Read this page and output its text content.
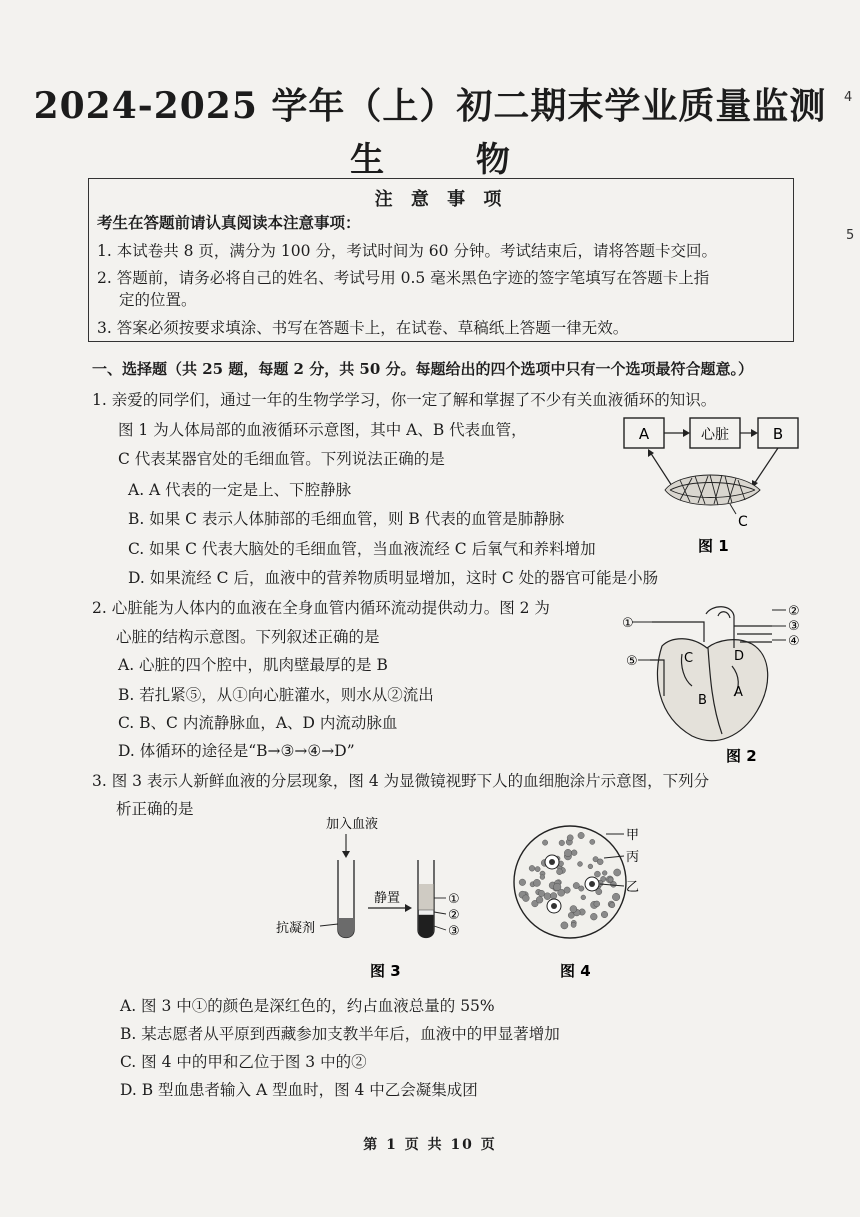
2024-2025 学年（上）初二期末学业质量监测
生 物
4
5
注 意 事 项
考生在答题前请认真阅读本注意事项：
1. 本试卷共 8 页，满分为 100 分，考试时间为 60 分钟。考试结束后，请将答题卡交回。
2. 答题前，请务必将自己的姓名、考试号用 0.5 毫米黑色字迹的签字笔填写在答题卡上指
定的位置。
3. 答案必须按要求填涂、书写在答题卡上，在试卷、草稿纸上答题一律无效。
一、选择题（共 25 题，每题 2 分，共 50 分。每题给出的四个选项中只有一个选项最符合题意。）
1. 亲爱的同学们，通过一年的生物学学习，你一定了解和掌握了不少有关血液循环的知识。
图 1 为人体局部的血液循环示意图，其中 A、B 代表血管，
C 代表某器官处的毛细血管。下列说法正确的是
A. A 代表的一定是上、下腔静脉
B. 如果 C 表示人体肺部的毛细血管，则 B 代表的血管是肺静脉
C. 如果 C 代表大脑处的毛细血管，当血液流经 C 后氧气和养料增加
D. 如果流经 C 后，血液中的营养物质明显增加，这时 C 处的器官可能是小肠
A	心脏	B
C
图 1
2. 心脏能为人体内的血液在全身血管内循环流动提供动力。图 2 为
心脏的结构示意图。下列叙述正确的是
A. 心脏的四个腔中，肌肉壁最厚的是 B
B. 若扎紧⑤，从①向心脏灌水，则水从②流出
C. B、C 内流静脉血，A、D 内流动脉血
D. 体循环的途径是“B→③→④→D”
①
②
③
④
⑤	C	D
B
A
图 2
3. 图 3 表示人新鲜血液的分层现象，图 4 为显微镜视野下人的血细胞涂片示意图，下列分
析正确的是
加入血液
抗凝剂
静置	①
②
③
图 3
甲
丙
乙
图 4
A. 图 3 中①的颜色是深红色的，约占血液总量的 55%
B. 某志愿者从平原到西藏参加支教半年后，血液中的甲显著增加
C. 图 4 中的甲和乙位于图 3 中的②
D. B 型血患者输入 A 型血时，图 4 中乙会凝集成团
第 1 页 共 10 页
